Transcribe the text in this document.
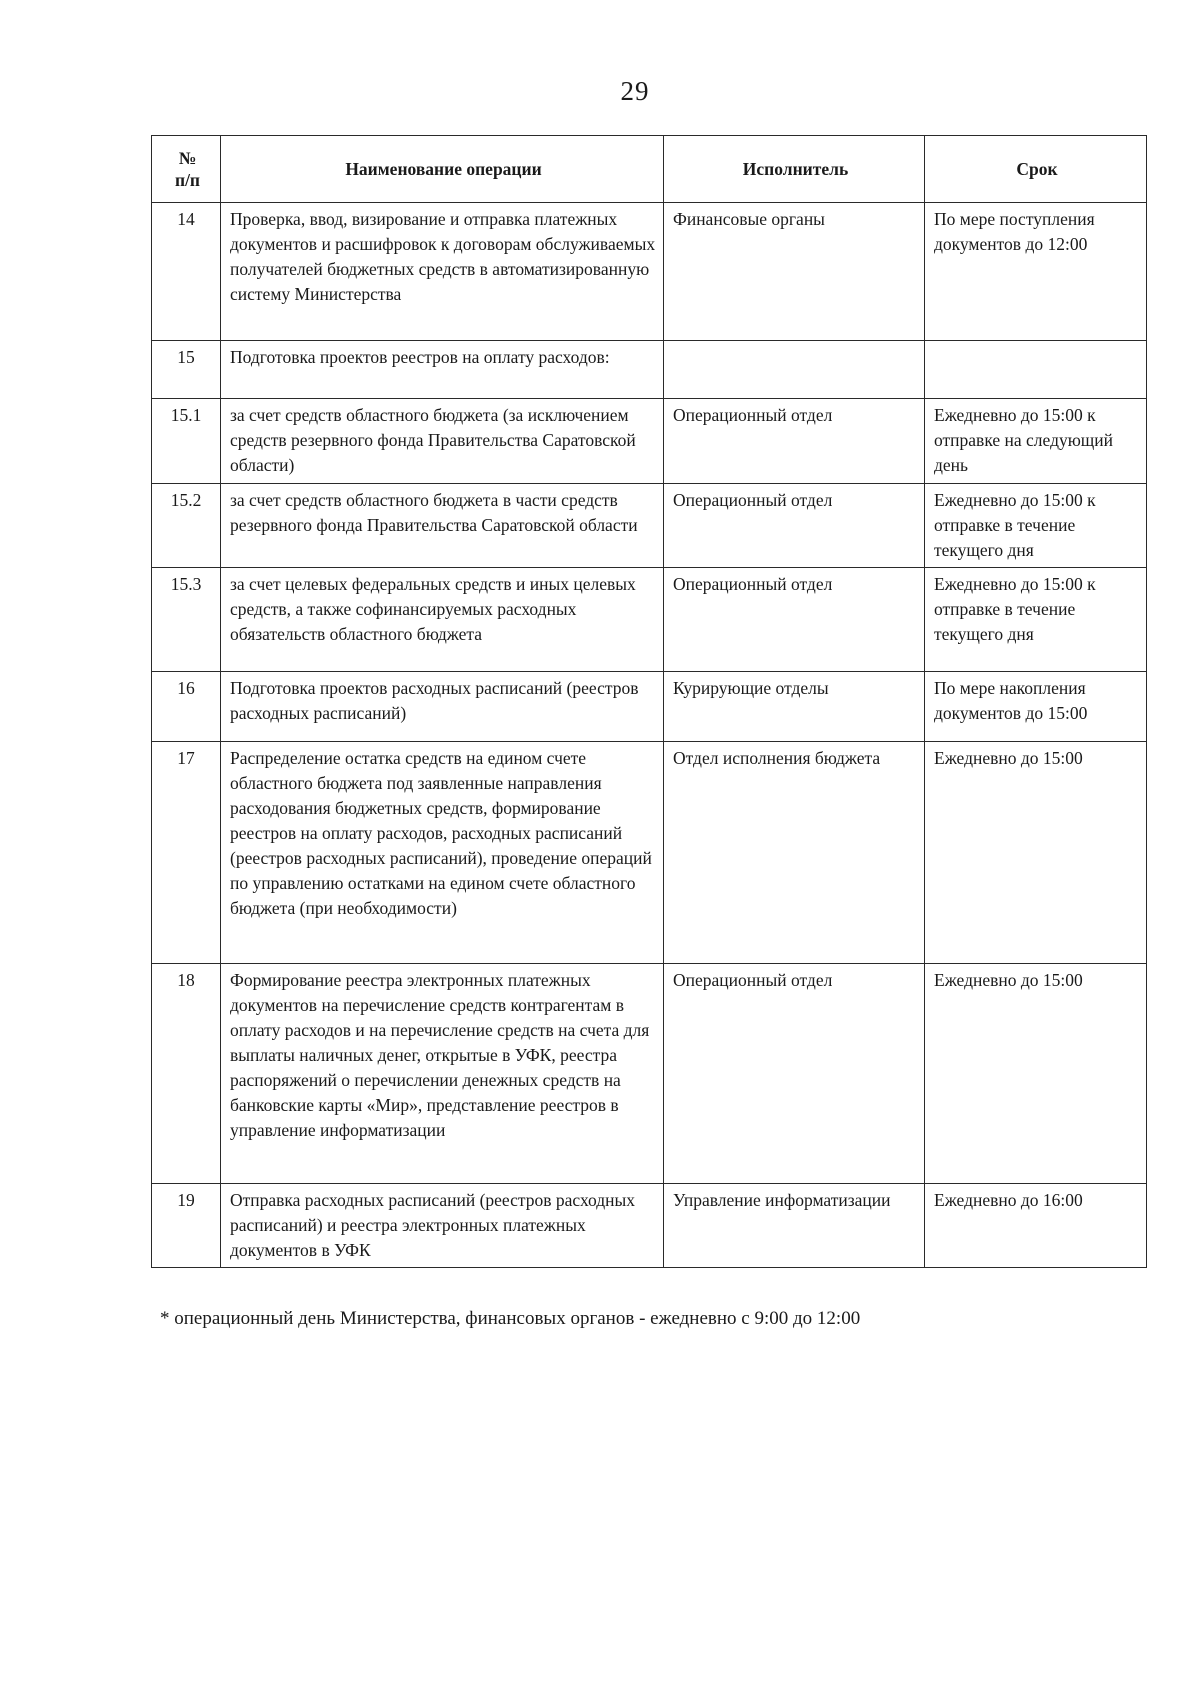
29
№
п/п	Наименование операции	Исполнитель	Срок
14	Проверка, ввод, визирование и отправка платежных документов и расшифровок к договорам обслуживаемых получателей бюджетных средств в автоматизированную систему Министерства	Финансовые органы	По мере поступления документов до 12:00
15	Подготовка проектов реестров на оплату расходов:		
15.1	за счет средств областного бюджета (за исключением средств резервного фонда Правительства Саратовской области)	Операционный отдел	Ежедневно до 15:00 к отправке на следующий день
15.2	за счет средств областного бюджета в части средств резервного фонда Правительства Саратовской области	Операционный отдел	Ежедневно до 15:00 к отправке в течение текущего дня
15.3	за счет целевых федеральных средств и иных целевых средств, а также софинансируемых расходных обязательств областного бюджета	Операционный отдел	Ежедневно до 15:00 к отправке в течение текущего дня
16	Подготовка проектов расходных расписаний (реестров расходных расписаний)	Курирующие отделы	По мере накопления документов до 15:00
17	Распределение остатка средств на едином счете областного бюджета под заявленные направления расходования бюджетных средств, формирование реестров на оплату расходов, расходных расписаний (реестров расходных расписаний), проведение операций по управлению остатками на едином счете областного бюджета (при необходимости)	Отдел исполнения бюджета	Ежедневно до 15:00
18	Формирование реестра электронных платежных документов на перечисление средств контрагентам в оплату расходов и на перечисление средств на счета для выплаты наличных денег, открытые в УФК, реестра распоряжений о перечислении денежных средств на банковские карты «Мир», представление реестров в управление информатизации	Операционный отдел	Ежедневно до 15:00
19	Отправка расходных расписаний (реестров расходных расписаний) и реестра электронных платежных документов в УФК	Управление информатизации	Ежедневно до 16:00
* операционный день Министерства, финансовых органов - ежедневно с 9:00 до 12:00
